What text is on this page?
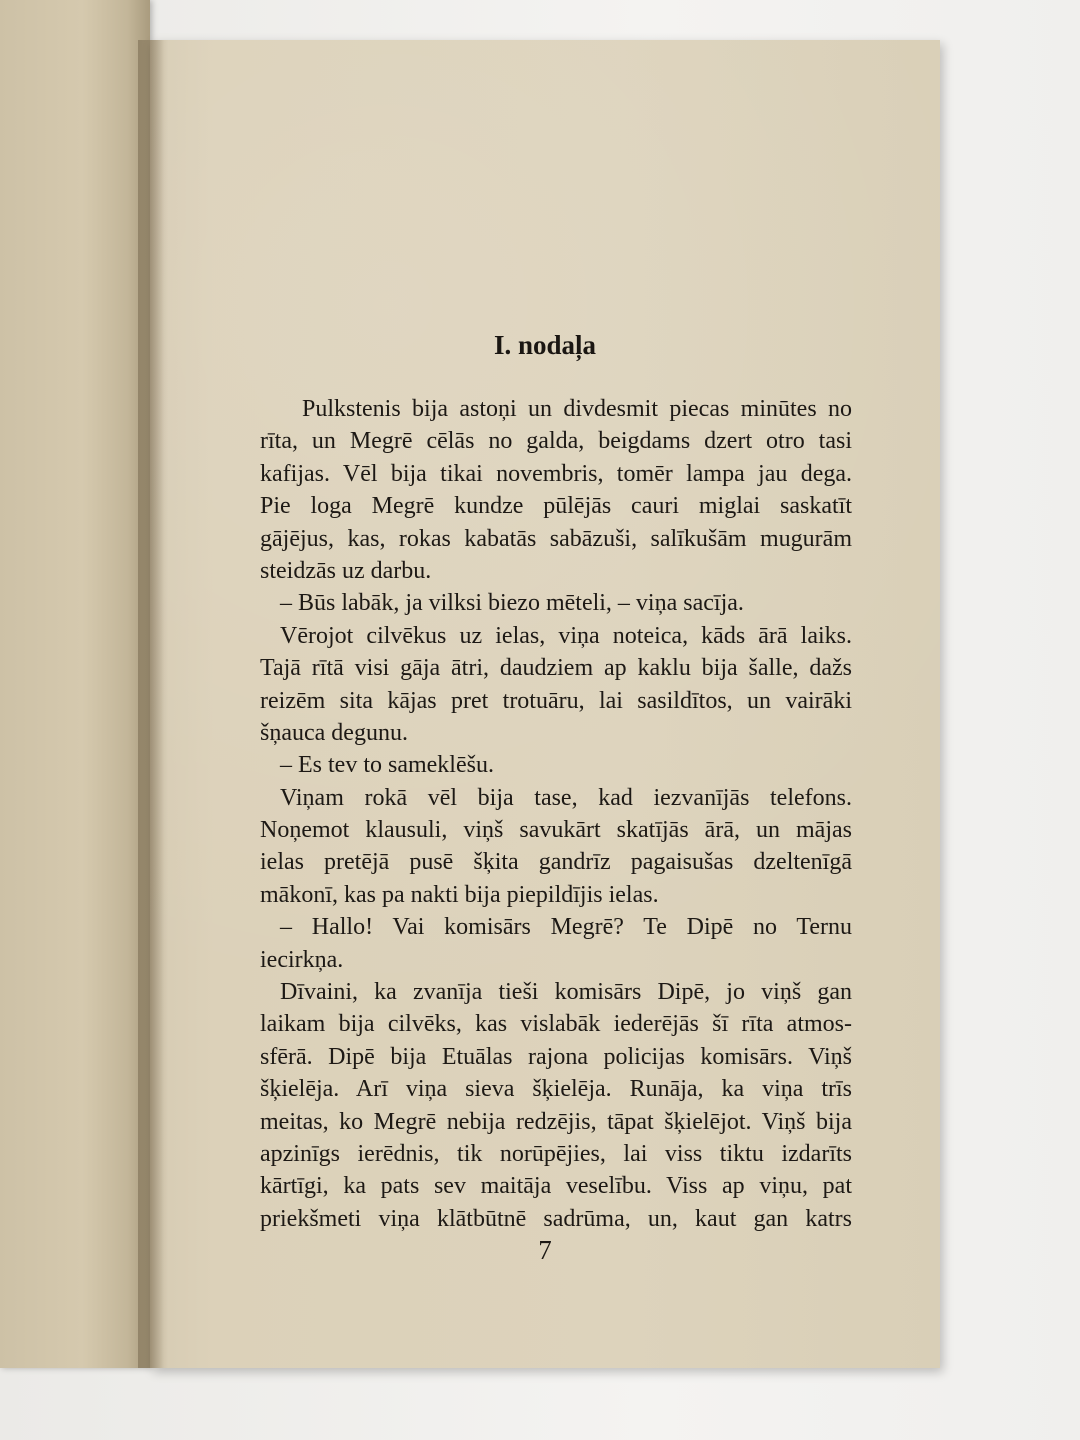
I. nodaļa
Pulkstenis bija astoņi un divdesmit piecas minūtes no
rīta, un Megrē cēlās no galda, beigdams dzert otro tasi
kafijas. Vēl bija tikai novembris, tomēr lampa jau dega.
Pie loga Megrē kundze pūlējās cauri miglai saskatīt
gājējus, kas, rokas kabatās sabāzuši, salīkušām mugurām
steidzās uz darbu.
– Būs labāk, ja vilksi biezo mēteli, – viņa sacīja.
Vērojot cilvēkus uz ielas, viņa noteica, kāds ārā laiks.
Tajā rītā visi gāja ātri, daudziem ap kaklu bija šalle, dažs
reizēm sita kājas pret trotuāru, lai sasildītos, un vairāki
šņauca degunu.
– Es tev to sameklēšu.
Viņam rokā vēl bija tase, kad iezvanījās telefons.
Noņemot klausuli, viņš savukārt skatījās ārā, un mājas
ielas pretējā pusē šķita gandrīz pagaisušas dzeltenīgā
mākonī, kas pa nakti bija piepildījis ielas.
– Hallo! Vai komisārs Megrē? Te Dipē no Ternu
iecirkņa.
Dīvaini, ka zvanīja tieši komisārs Dipē, jo viņš gan
laikam bija cilvēks, kas vislabāk iederējās šī rīta atmos-
sfērā. Dipē bija Etuālas rajona policijas komisārs. Viņš
šķielēja. Arī viņa sieva šķielēja. Runāja, ka viņa trīs
meitas, ko Megrē nebija redzējis, tāpat šķielējot. Viņš bija
apzinīgs ierēdnis, tik norūpējies, lai viss tiktu izdarīts
kārtīgi, ka pats sev maitāja veselību. Viss ap viņu, pat
priekšmeti viņa klātbūtnē sadrūma, un, kaut gan katrs
7
